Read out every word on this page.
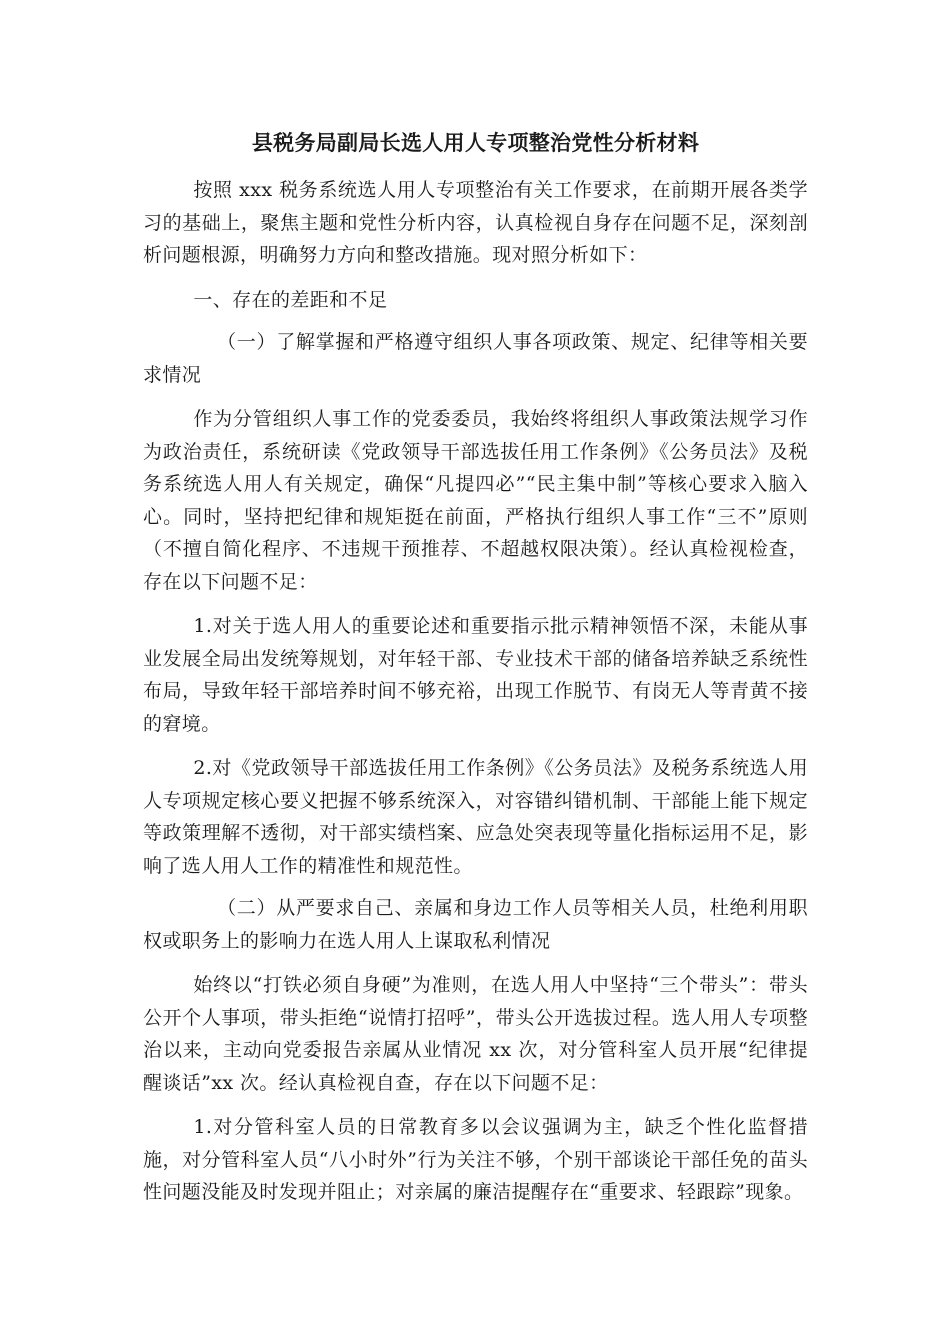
县税务局副局长选人用人专项整治党性分析材料

按照 xxx 税务系统选人用人专项整治有关工作要求，在前期开展各类学习的基础上，聚焦主题和党性分析内容，认真检视自身存在问题不足，深刻剖析问题根源，明确努力方向和整改措施。现对照分析如下：

一、存在的差距和不足

（一）了解掌握和严格遵守组织人事各项政策、规定、纪律等相关要求情况

作为分管组织人事工作的党委委员，我始终将组织人事政策法规学习作为政治责任，系统研读《党政领导干部选拔任用工作条例》《公务员法》及税务系统选人用人有关规定，确保“凡提四必”“民主集中制”等核心要求入脑入心。同时，坚持把纪律和规矩挺在前面，严格执行组织人事工作“三不”原则（不擅自简化程序、不违规干预推荐、不超越权限决策）。经认真检视检查，存在以下问题不足：

1.对关于选人用人的重要论述和重要指示批示精神领悟不深，未能从事业发展全局出发统筹规划，对年轻干部、专业技术干部的储备培养缺乏系统性布局，导致年轻干部培养时间不够充裕，出现工作脱节、有岗无人等青黄不接的窘境。

2.对《党政领导干部选拔任用工作条例》《公务员法》及税务系统选人用人专项规定核心要义把握不够系统深入，对容错纠错机制、干部能上能下规定等政策理解不透彻，对干部实绩档案、应急处突表现等量化指标运用不足，影响了选人用人工作的精准性和规范性。

（二）从严要求自己、亲属和身边工作人员等相关人员，杜绝利用职权或职务上的影响力在选人用人上谋取私利情况

始终以“打铁必须自身硬”为准则，在选人用人中坚持“三个带头”：带头公开个人事项，带头拒绝“说情打招呼”，带头公开选拔过程。选人用人专项整治以来，主动向党委报告亲属从业情况 xx 次，对分管科室人员开展“纪律提醒谈话”xx 次。经认真检视自查，存在以下问题不足：

1.对分管科室人员的日常教育多以会议强调为主，缺乏个性化监督措施，对分管科室人员“八小时外”行为关注不够，个别干部谈论干部任免的苗头性问题没能及时发现并阻止；对亲属的廉洁提醒存在“重要求、轻跟踪”现象。
